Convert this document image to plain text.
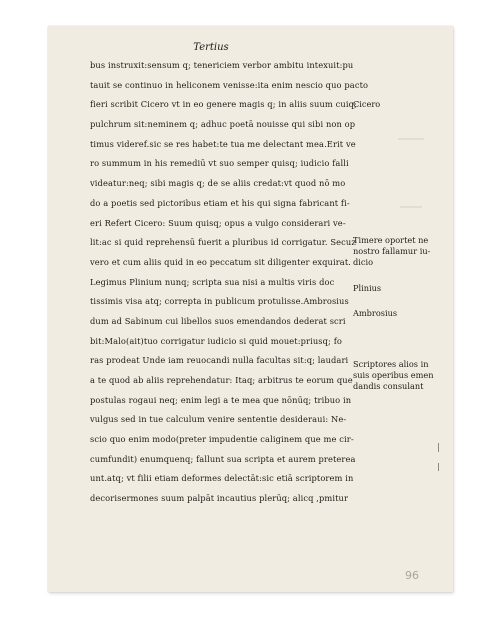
Tertius

bus instruxit:sensum q; tenericiem verbor ambitu intexuit:pu
tauit se continuo in heliconem venisse:ita enim nescio quo pacto
fieri scribit Cicero vt in eo genere magis q; in aliis suum cuiq;
pulchrum sit:neminem q; adhuc poetā nouisse qui sibi non op
timus videref.sic se res habet:te tua me delectant mea.Erit ve
ro summum in his remediū vt suo semper quisq; iudicio falli
videatur:neq; sibi magis q; de se aliis credat:vt quod nō mo
do a poetis sed pictoribus etiam et his qui signa fabricant fi-
eri Refert Cicero: Suum quisq; opus a vulgo considerari ve-
lit:ac si quid reprehensū fuerit a pluribus id corrigatur. Secuz
vero et cum aliis quid in eo peccatum sit diligenter exquirat.
Legimus Plinium nunq; scripta sua nisi a multis viris doc
tissimis visa atq; correpta in publicum protulisse.Ambrosius
dum ad Sabinum cui libellos suos emendandos dederat scri
bit:Malo(ait)tuo corrigatur iudicio si quid mouet:priusq; fo
ras prodeat Unde iam reuocandi nulla facultas sit:q; laudari
a te quod ab aliis reprehendatur: Itaq; arbitrus te eorum que
postulas rogaui neq; enim legi a te mea que nōnūq; tribuo in
vulgus sed in tue calculum venire sententie desideraui: Ne-
scio quo enim modo(preter impudentie caliginem que me cir-
cumfundit) enumquenq; fallunt sua scripta et aurem preterea
unt.atq; vt filii etiam deformes delectāt:sic etiā scriptorem in
decorisermones suum palpāt incautius plerūq; alicq ,pmitur

Cicero

Timere oportet ne

nostro fallamur iu-

dicio

Plinius

Ambrosius

Scriptores alios in

suis operibus emen

dandis consulant

96
